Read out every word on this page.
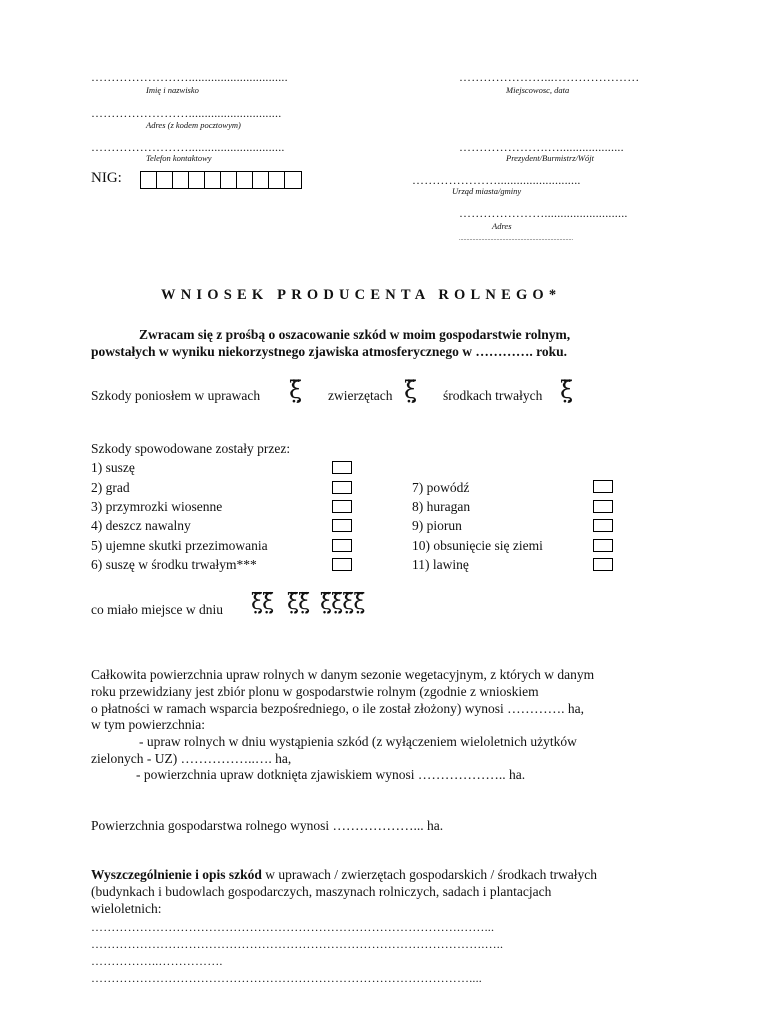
……………………...............................
Imię i nazwisko
…………………….............................
Adres (z kodem pocztowym)
……………………..............................
Telefon kontaktowy
NIG:
…………………...…………………
Miejscowosc, data
………………….…....................
Prezydent/Burmistrz/Wójt
…………………..........................
Urząd miasta/gminy
…………………..........................
Adres
............................................................................
WNIOSEK PRODUCENTA ROLNEGO*
Zwracam się z prośbą o oszacowanie szkód w moim gospodarstwie rolnym,
powstałych w wyniku niekorzystnego zjawiska atmosferycznego w …………. roku.
Szkody poniosłem w uprawach ξ̤̈ zwierzętach ξ̤̈ środkach trwałych ξ̤̈
Szkody spowodowane zostały przez:
1) suszę
2) grad
3) przymrozki wiosenne
4) deszcz nawalny
5) ujemne skutki przezimowania
6) suszę w środku trwałym***
7) powódź
8) huragan
9) piorun
10) obsunięcie się ziemi
11) lawinę
co miało miejsce w dniu ξ̤̈ξ̤̈ ξ̤̈ξ̤̈ ξ̤̈ξ̤̈ξ̤̈ξ̤̈
Całkowita powierzchnia upraw rolnych w danym sezonie wegetacyjnym, z których w danym
roku przewidziany jest zbiór plonu w gospodarstwie rolnym (zgodnie z wnioskiem
o płatności w ramach wsparcia bezpośredniego, o ile został złożony) wynosi …………. ha,
w tym powierzchnia:
- upraw rolnych w dniu wystąpienia szkód (z wyłączeniem wieloletnich użytków
zielonych - UZ) ……………..…. ha,
- powierzchnia upraw dotknięta zjawiskiem wynosi ……………….. ha.
Powierzchnia gospodarstwa rolnego wynosi ………………... ha.
Wyszczególnienie i opis szkód w uprawach / zwierzętach gospodarskich / środkach trwałych
(budynkach i budowlach gospodarczych, maszynach rolniczych, sadach i plantacjach
wieloletnich:
……………………………………………………………………………….……...
…………………………………………………………………………………….…..
……………..…………….
…………………………………………………………………………………....
